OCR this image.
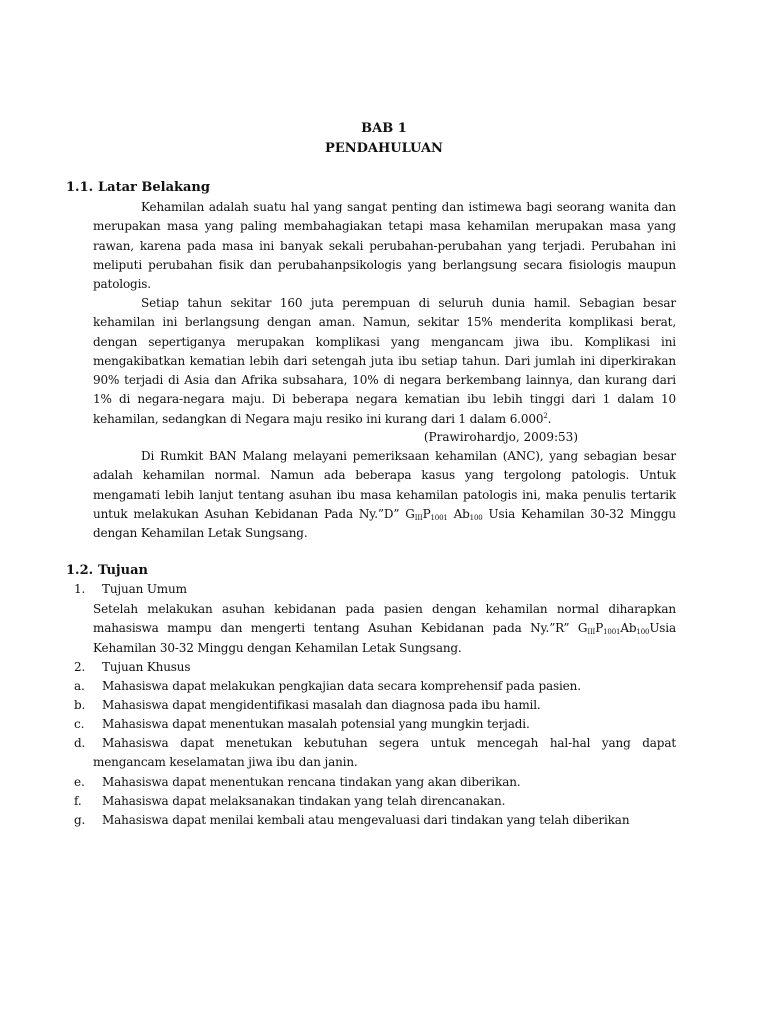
BAB 1
PENDAHULUAN
1.1. Latar Belakang
Kehamilan adalah suatu hal yang sangat penting dan istimewa bagi seorang wanita dan merupakan masa yang paling membahagiakan tetapi masa kehamilan merupakan masa yang rawan, karena pada masa ini banyak sekali perubahan-perubahan yang terjadi. Perubahan ini meliputi perubahan fisik dan perubahanpsikologis yang berlangsung secara fisiologis maupun patologis.
Setiap tahun sekitar 160 juta perempuan di seluruh dunia hamil. Sebagian besar kehamilan ini berlangsung dengan aman. Namun, sekitar 15% menderita komplikasi berat, dengan sepertiganya merupakan komplikasi yang mengancam jiwa ibu. Komplikasi ini mengakibatkan kematian lebih dari setengah juta ibu setiap tahun. Dari jumlah ini diperkirakan 90% terjadi di Asia dan Afrika subsahara, 10% di negara berkembang lainnya, dan kurang dari 1% di negara-negara maju. Di beberapa negara kematian ibu lebih tinggi dari 1 dalam 10 kehamilan, sedangkan di Negara maju resiko ini kurang dari 1 dalam 6.000$^2$.
(Prawirohardjo, 2009:53)
Di Rumkit BAN Malang melayani pemeriksaan kehamilan (ANC), yang sebagian besar adalah kehamilan normal. Namun ada beberapa kasus yang tergolong patologis. Untuk mengamati lebih lanjut tentang asuhan ibu masa kehamilan patologis ini, maka penulis tertarik untuk melakukan Asuhan Kebidanan Pada Ny.”D” $G_{III}P_{1001}$ $Ab_{100}$ Usia Kehamilan 30-32 Minggu dengan Kehamilan Letak Sungsang.
1.2. Tujuan
1. Tujuan Umum
Setelah melakukan asuhan kebidanan pada pasien dengan kehamilan normal diharapkan mahasiswa mampu dan mengerti tentang Asuhan Kebidanan pada Ny.”R” $G_{III}P_{1001}Ab_{100}Usia$ Kehamilan 30-32 Minggu dengan Kehamilan Letak Sungsang.
2. Tujuan Khusus
a. Mahasiswa dapat melakukan pengkajian data secara komprehensif pada pasien.
b. Mahasiswa dapat mengidentifikasi masalah dan diagnosa pada ibu hamil.
c. Mahasiswa dapat menentukan masalah potensial yang mungkin terjadi.
d.	Mahasiswa dapat menetukan kebutuhan segera untuk mencegah hal-hal yang dapat mengancam keselamatan jiwa ibu dan janin.
e. Mahasiswa dapat menentukan rencana tindakan yang akan diberikan.
f. Mahasiswa dapat melaksanakan tindakan yang telah direncanakan.
g. Mahasiswa dapat menilai kembali atau mengevaluasi dari tindakan yang telah diberikan
